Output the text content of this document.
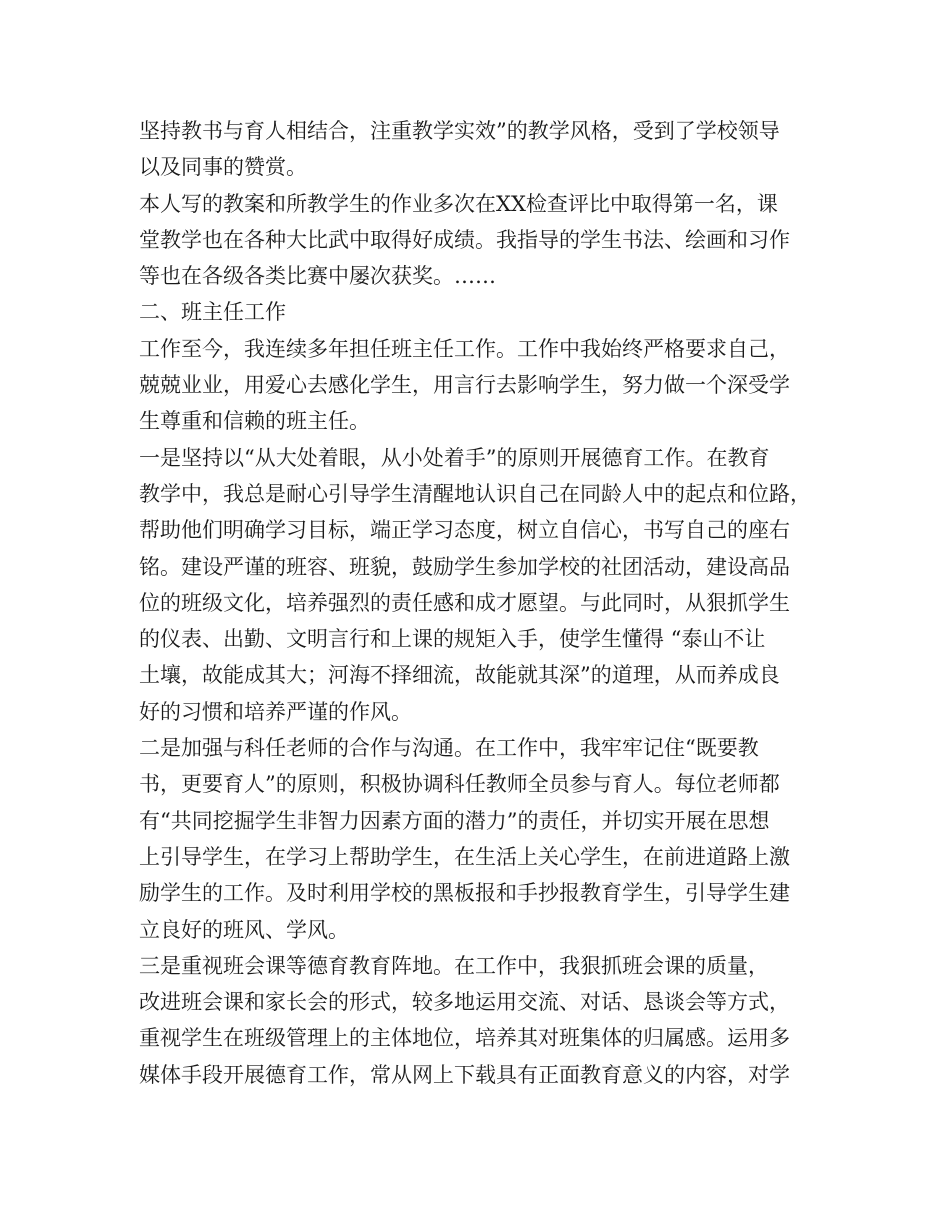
坚持教书与育人相结合，注重教学实效”的教学风格，受到了学校领导
以及同事的赞赏。
本人写的教案和所教学生的作业多次在XX检查评比中取得第一名，课
堂教学也在各种大比武中取得好成绩。我指导的学生书法、绘画和习作
等也在各级各类比赛中屡次获奖。……
二、班主任工作
工作至今，我连续多年担任班主任工作。工作中我始终严格要求自己，
兢兢业业，用爱心去感化学生，用言行去影响学生，努力做一个深受学
生尊重和信赖的班主任。
一是坚持以“从大处着眼，从小处着手”的原则开展德育工作。在教育
教学中，我总是耐心引导学生清醒地认识自己在同龄人中的起点和位路，
帮助他们明确学习目标，端正学习态度，树立自信心，书写自己的座右
铭。建设严谨的班容、班貌，鼓励学生参加学校的社团活动，建设高品
位的班级文化，培养强烈的责任感和成才愿望。与此同时，从狠抓学生
的仪表、出勤、文明言行和上课的规矩入手，使学生懂得 “泰山不让
土壤，故能成其大；河海不择细流，故能就其深”的道理，从而养成良
好的习惯和培养严谨的作风。
二是加强与科任老师的合作与沟通。在工作中，我牢牢记住“既要教
书，更要育人”的原则，积极协调科任教师全员参与育人。每位老师都
有“共同挖掘学生非智力因素方面的潜力”的责任，并切实开展在思想
上引导学生，在学习上帮助学生，在生活上关心学生，在前进道路上激
励学生的工作。及时利用学校的黑板报和手抄报教育学生，引导学生建
立良好的班风、学风。
三是重视班会课等德育教育阵地。在工作中，我狠抓班会课的质量，
改进班会课和家长会的形式，较多地运用交流、对话、恳谈会等方式，
重视学生在班级管理上的主体地位，培养其对班集体的归属感。运用多
媒体手段开展德育工作，常从网上下载具有正面教育意义的内容，对学
